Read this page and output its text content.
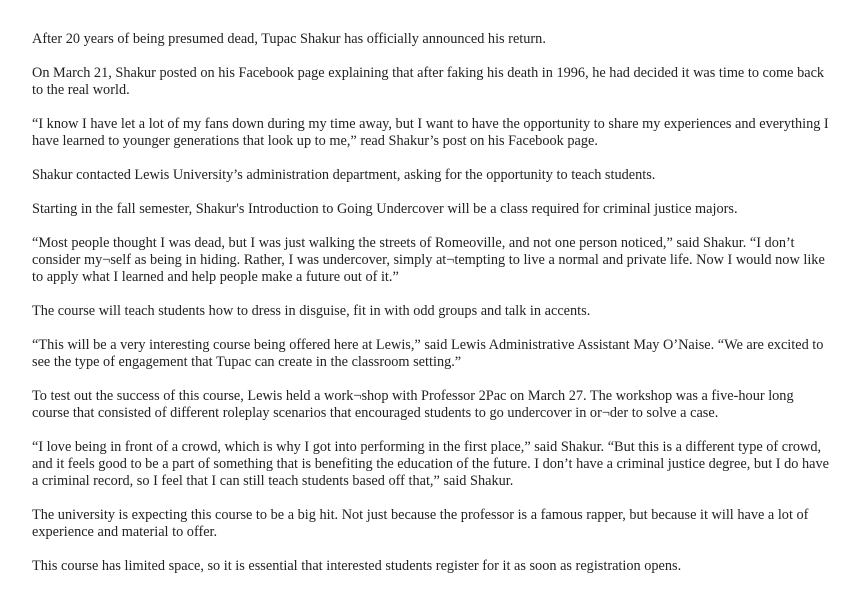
After 20 years of being presumed dead, Tupac Shakur has officially announced his return.

On March 21, Shakur posted on his Facebook page explaining that after faking his death in 1996, he had decided it was time to come back to the real world.

“I know I have let a lot of my fans down during my time away, but I want to have the opportunity to share my experiences and everything I have learned to younger generations that look up to me,” read Shakur’s post on his Facebook page.

Shakur contacted Lewis University’s administration department, asking for the opportunity to teach students.

Starting in the fall semester, Shakur's Introduction to Going Undercover will be a class required for criminal justice majors.

“Most people thought I was dead, but I was just walking the streets of Romeoville, and not one person noticed,” said Shakur. “I don’t consider my¬self as being in hiding. Rather, I was undercover, simply at¬tempting to live a normal and private life. Now I would now like to apply what I learned and help people make a future out of it.”

The course will teach students how to dress in disguise, fit in with odd groups and talk in accents.

“This will be a very interesting course being offered here at Lewis,” said Lewis Administrative Assistant May O’Naise. “We are excited to see the type of engagement that Tupac can create in the classroom setting.”

To test out the success of this course, Lewis held a work¬shop with Professor 2Pac on March 27. The workshop was a five-hour long course that consisted of different roleplay scenarios that encouraged students to go undercover in or¬der to solve a case.

“I love being in front of a crowd, which is why I got into performing in the first place,” said Shakur. “But this is a different type of crowd, and it feels good to be a part of something that is benefiting the education of the future. I don’t have a criminal justice degree, but I do have a criminal record, so I feel that I can still teach students based off that,” said Shakur.

The university is expecting this course to be a big hit. Not just because the professor is a famous rapper, but because it will have a lot of experience and material to offer.

This course has limited space, so it is essential that interested students register for it as soon as registration opens.
